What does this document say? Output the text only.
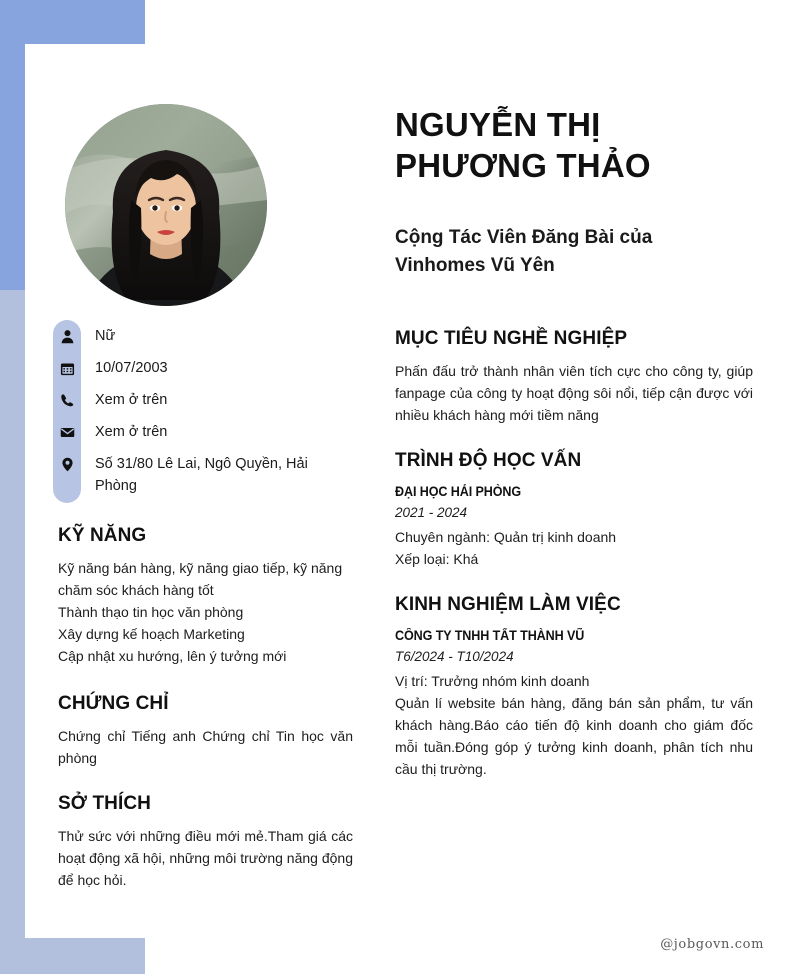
Nữ
10/07/2003
Xem ở trên
Xem ở trên
Số 31/80 Lê Lai, Ngô Quyền, Hải Phòng
KỸ NĂNG
Kỹ năng bán hàng, kỹ năng giao tiếp, kỹ năng chăm sóc khách hàng tốt
Thành thạo tin học văn phòng
Xây dựng kế hoạch Marketing
Cập nhật xu hướng, lên ý tưởng mới
CHỨNG CHỈ
Chứng chỉ Tiếng anh Chứng chỉ Tin học văn phòng
SỞ THÍCH
Thử sức với những điều mới mẻ.Tham giá các hoạt động xã hội, những môi trường năng động để học hỏi.
NGUYỄN THỊ PHƯƠNG THẢO
Cộng Tác Viên Đăng Bài của Vinhomes Vũ Yên
MỤC TIÊU NGHỀ NGHIỆP
Phấn đấu trở thành nhân viên tích cực cho công ty, giúp fanpage của công ty hoạt động sôi nổi, tiếp cận được với nhiều khách hàng mới tiềm năng
TRÌNH ĐỘ HỌC VẤN
ĐẠI HỌC HẢI PHÒNG
2021 - 2024
Chuyên ngành: Quản trị kinh doanh
Xếp loại: Khá
KINH NGHIỆM LÀM VIỆC
CÔNG TY TNHH TẤT THÀNH VŨ
T6/2024 - T10/2024
Vị trí: Trưởng nhóm kinh doanh
Quản lí website bán hàng, đăng bán sản phẩm, tư vấn khách hàng.Báo cáo tiến độ kinh doanh cho giám đốc mỗi tuần.Đóng góp ý tưởng kinh doanh, phân tích nhu cầu thị trường.
@jobgovn.com
